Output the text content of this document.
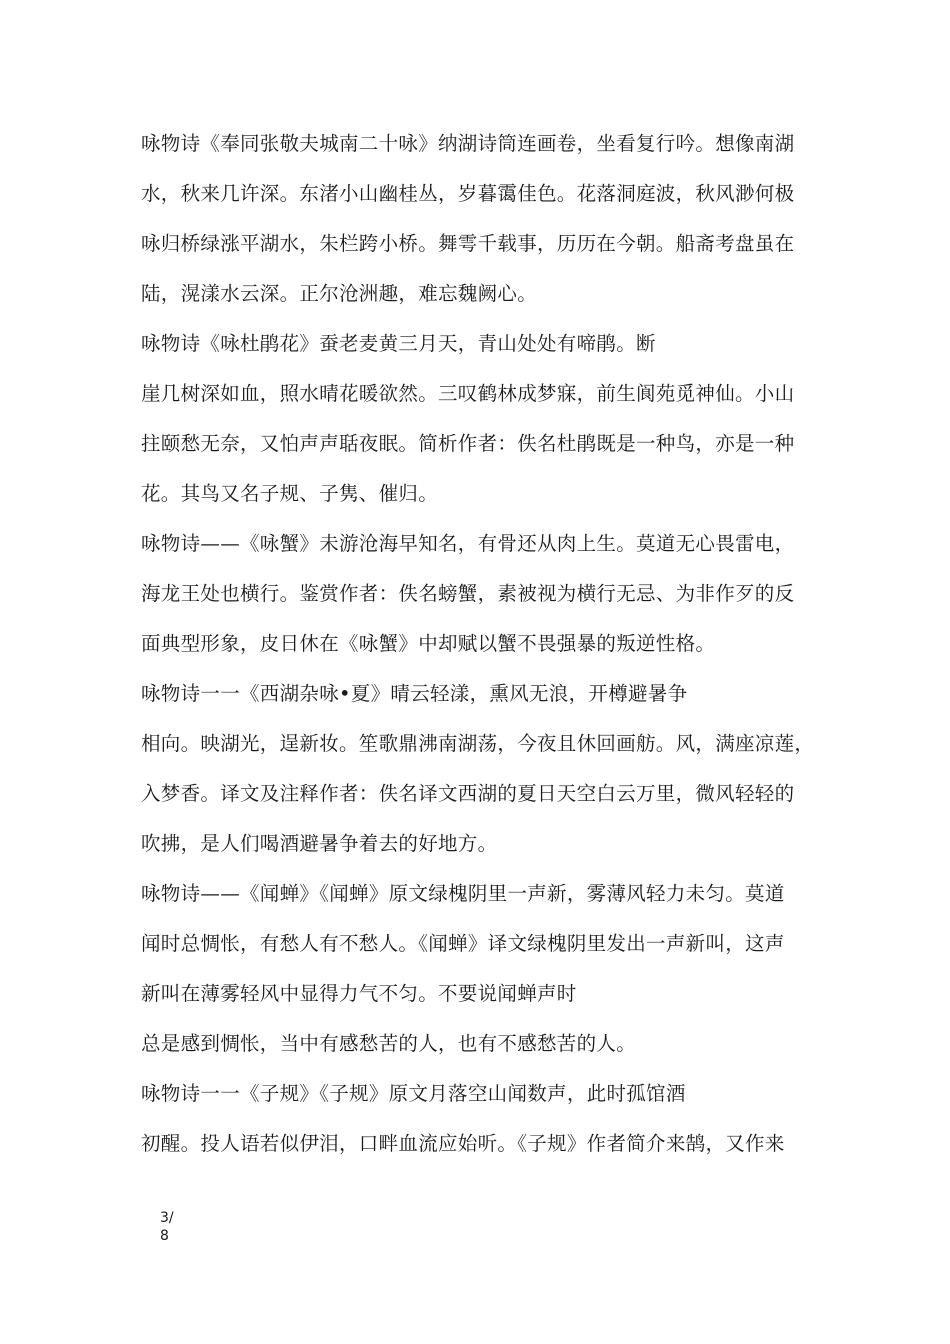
咏物诗《奉同张敬夫城南二十咏》纳湖诗筒连画卷，坐看复行吟。想像南湖
水，秋来几许深。东渚小山幽桂丛，岁暮霭佳色。花落洞庭波，秋风渺何极
咏归桥绿涨平湖水，朱栏跨小桥。舞雩千载事，历历在今朝。船斋考盘虽在
陆，滉漾水云深。正尔沧洲趣，难忘魏阙心。
咏物诗《咏杜鹃花》蚕老麦黄三月天，青山处处有啼鹃。断
崖几树深如血，照水晴花暖欲然。三叹鹤林成梦寐，前生阆苑觅神仙。小山
拄颐愁无奈，又怕声声聒夜眠。简析作者：佚名杜鹃既是一种鸟，亦是一种
花。其鸟又名子规、子隽、催归。
咏物诗——《咏蟹》未游沧海早知名，有骨还从肉上生。莫道无心畏雷电，
海龙王处也横行。鉴赏作者：佚名螃蟹，素被视为横行无忌、为非作歹的反
面典型形象，皮日休在《咏蟹》中却赋以蟹不畏强暴的叛逆性格。
咏物诗一一《西湖杂咏•夏》晴云轻漾，熏风无浪，开樽避暑争
相向。映湖光，逞新妆。笙歌鼎沸南湖荡，今夜且休回画舫。风，满座凉莲，
入梦香。译文及注释作者：佚名译文西湖的夏日天空白云万里，微风轻轻的
吹拂，是人们喝酒避暑争着去的好地方。
咏物诗——《闻蝉》《闻蝉》原文绿槐阴里一声新，雾薄风轻力未匀。莫道
闻时总惆怅，有愁人有不愁人。《闻蝉》译文绿槐阴里发出一声新叫，这声
新叫在薄雾轻风中显得力气不匀。不要说闻蝉声时
总是感到惆怅，当中有感愁苦的人，也有不感愁苦的人。
咏物诗一一《子规》《子规》原文月落空山闻数声，此时孤馆酒
初醒。投人语若似伊泪，口畔血流应始听。《子规》作者简介来鹄，又作来
3/
8
